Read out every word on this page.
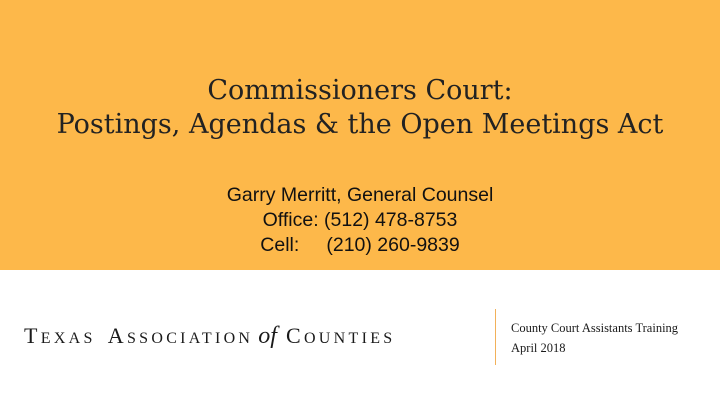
Commissioners Court:
Postings, Agendas & the Open Meetings Act
Garry Merritt, General Counsel
Office: (512) 478-8753
Cell:     (210) 260-9839
TEXAS ASSOCIATION of COUNTIES
County Court Assistants Training
April 2018
